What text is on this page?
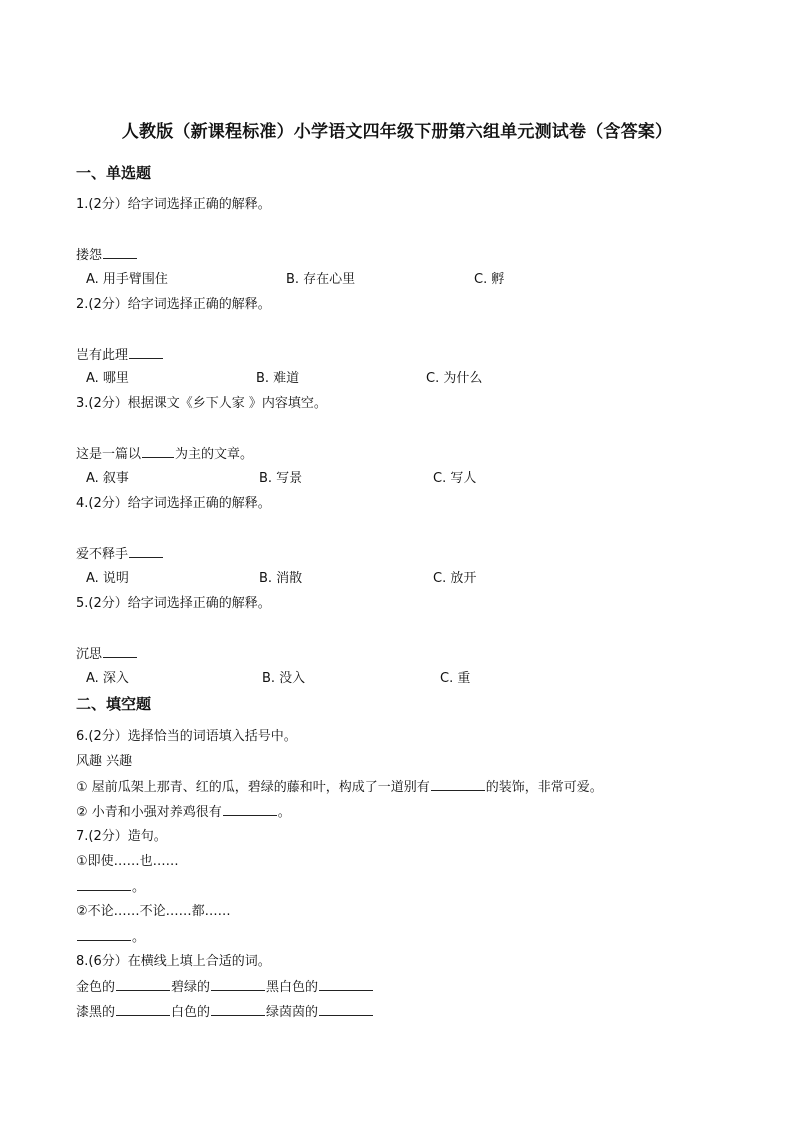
人教版（新课程标准）小学语文四年级下册第六组单元测试卷（含答案）
一、单选题
1.(2分）给字词选择正确的解释。
搂怨
A. 用手臂围住	B. 存在心里	C. 孵
2.(2分）给字词选择正确的解释。
岂有此理
A. 哪里	B. 难道	C. 为什么
3.(2分）根据课文《乡下人家 》内容填空。
这是一篇以	为主的文章。
A. 叙事	B. 写景	C. 写人
4.(2分）给字词选择正确的解释。
爱不释手
A. 说明	B. 消散	C. 放开
5.(2分）给字词选择正确的解释。
沉思
A. 深入	B. 没入	C. 重
二、填空题
6.(2分）选择恰当的词语填入括号中。
风趣 兴趣
① 屋前瓜架上那青、红的瓜，碧绿的藤和叶，构成了一道别有	的装饰，非常可爱。
② 小青和小强对养鸡很有	。
7.(2分）造句。
①即使……也……
。
②不论……不论……都……
。
8.(6分）在横线上填上合适的词。
金色的	碧绿的	黑白色的
漆黑的	白色的	绿茵茵的
